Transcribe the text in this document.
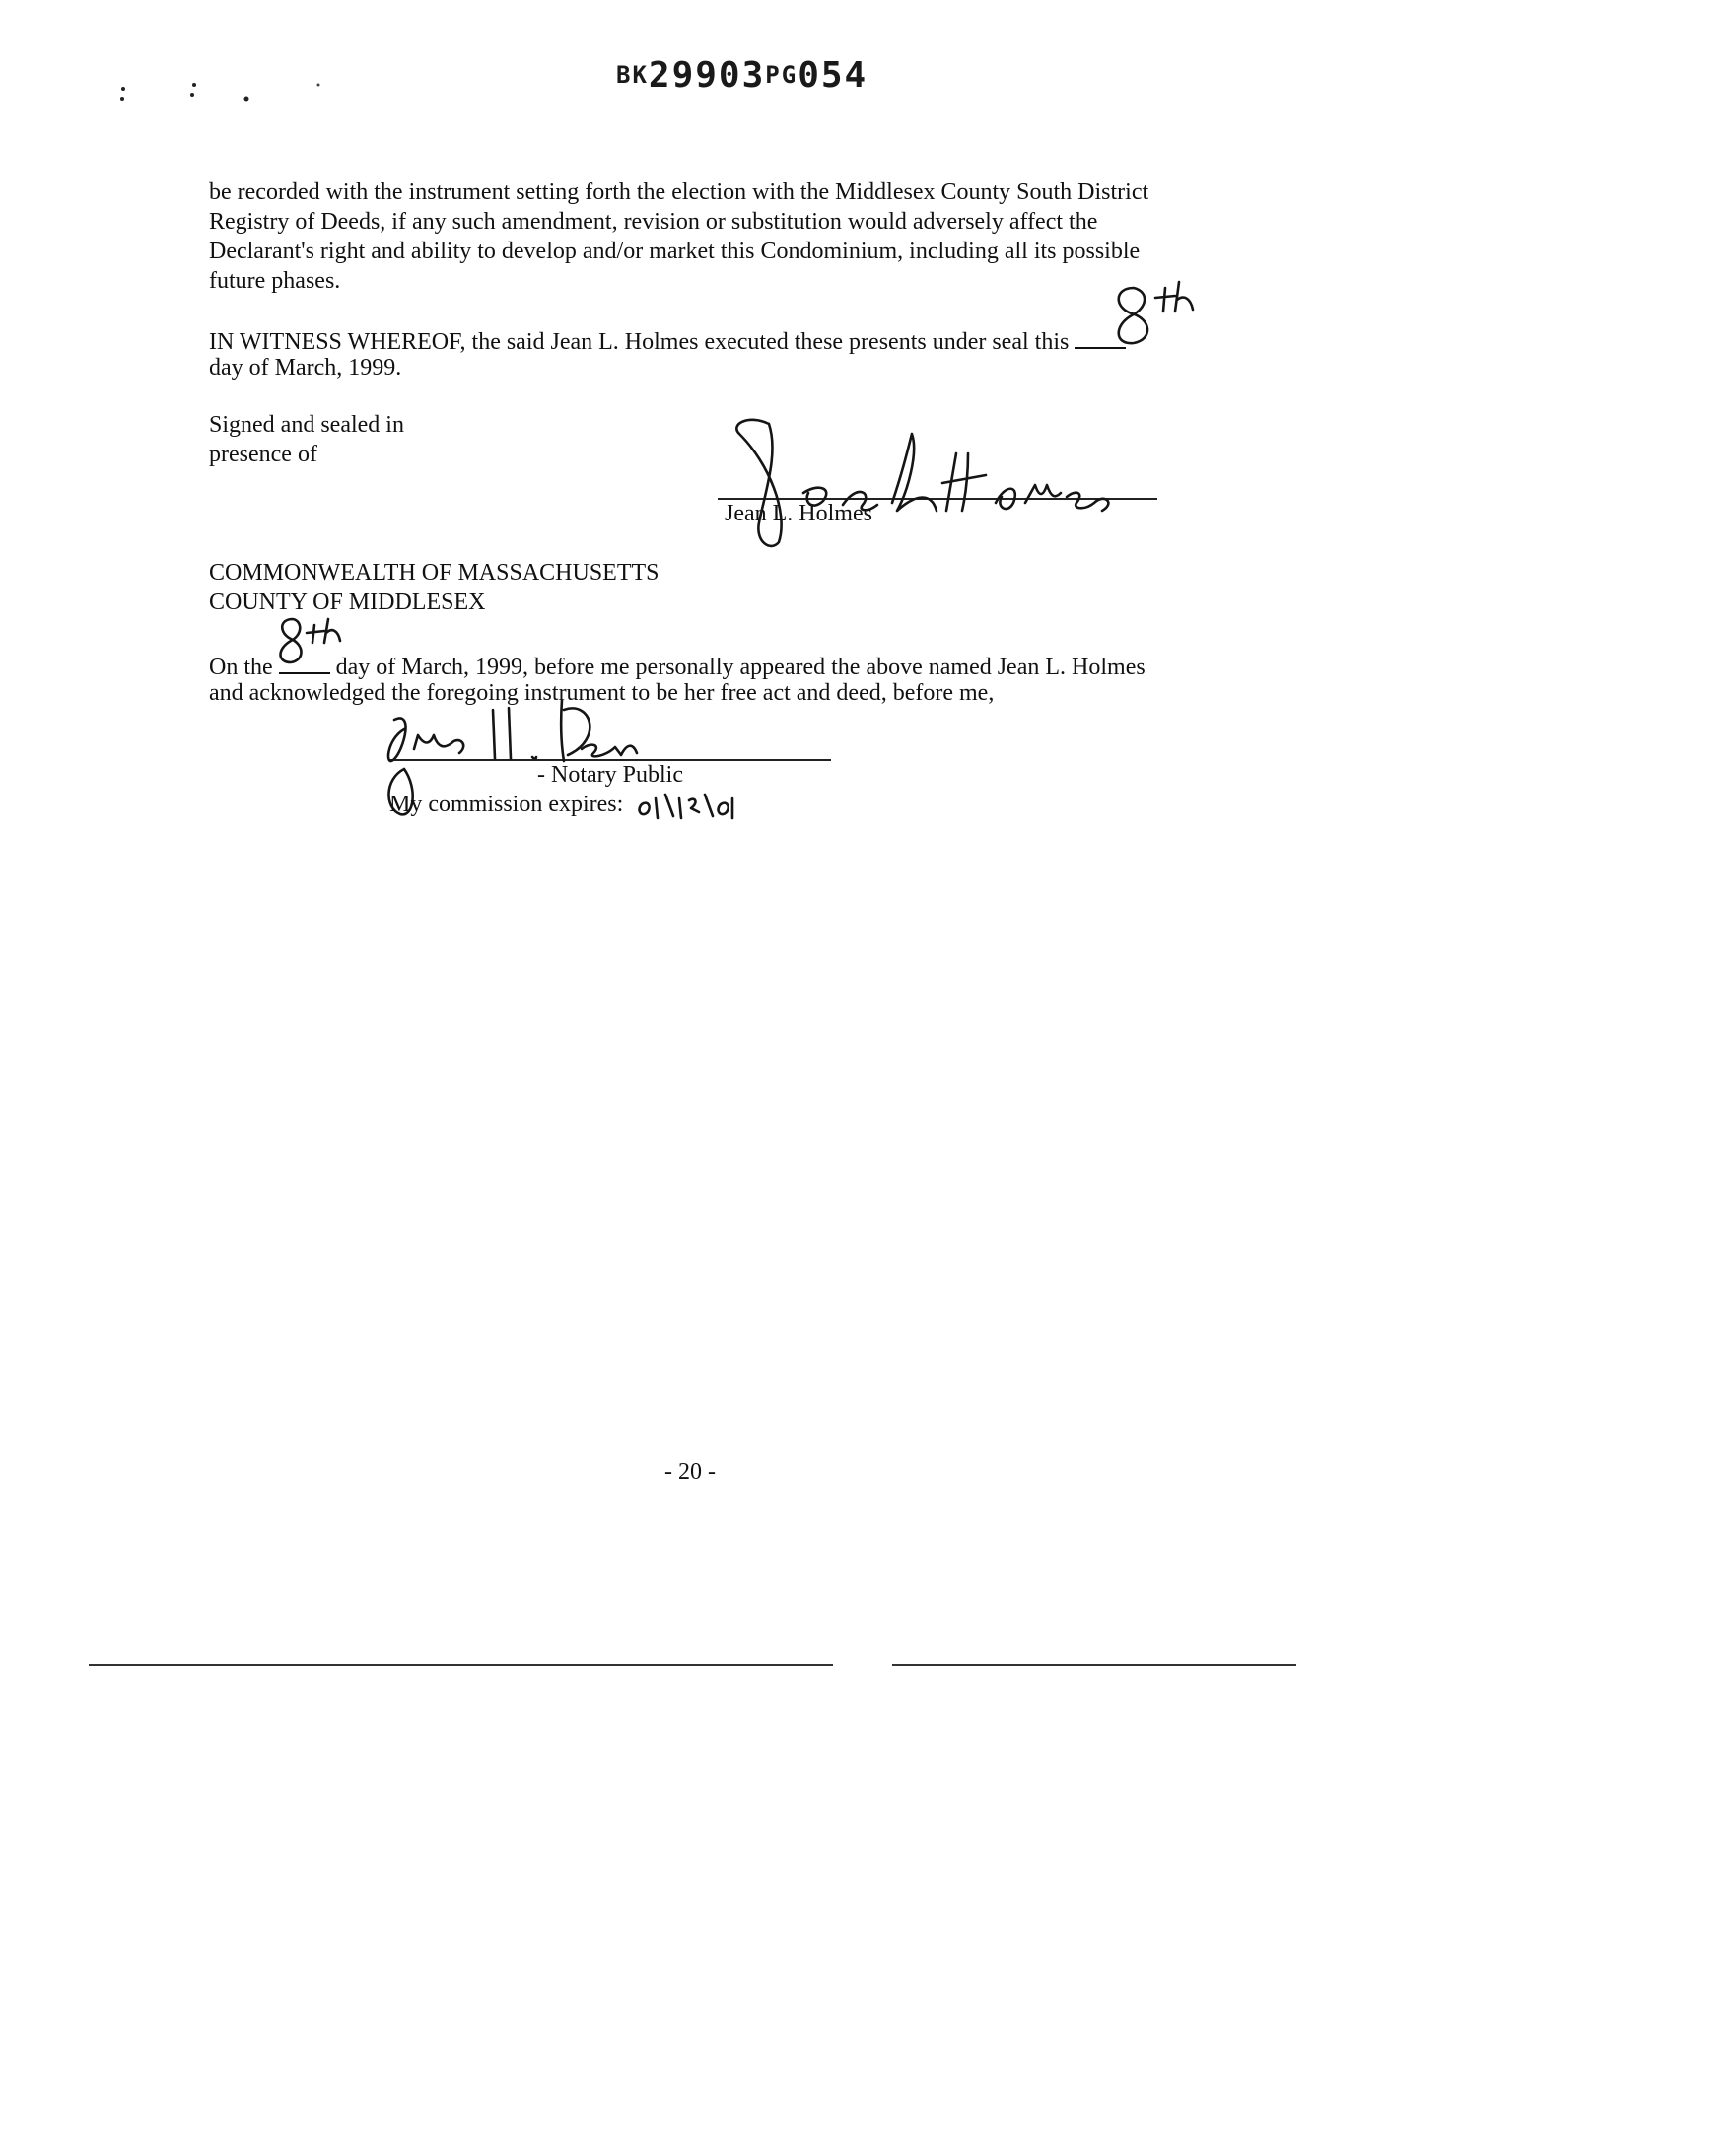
BK29903PG054
be recorded with the instrument setting forth the election with the Middlesex County South District
Registry of Deeds, if any such amendment, revision or substitution would adversely affect the
Declarant's right and ability to develop and/or market this Condominium, including all its possible
future phases.
IN WITNESS WHEREOF, the said Jean L. Holmes executed these presents under seal this
day of March, 1999.
Signed and sealed in
presence of
Jean L. Holmes
COMMONWEALTH OF MASSACHUSETTS
COUNTY OF MIDDLESEX
On the	day of March, 1999, before me personally appeared the above named Jean L. Holmes
and acknowledged the foregoing instrument to be her free act and deed, before me,
- Notary Public
My commission expires:
- 20 -
